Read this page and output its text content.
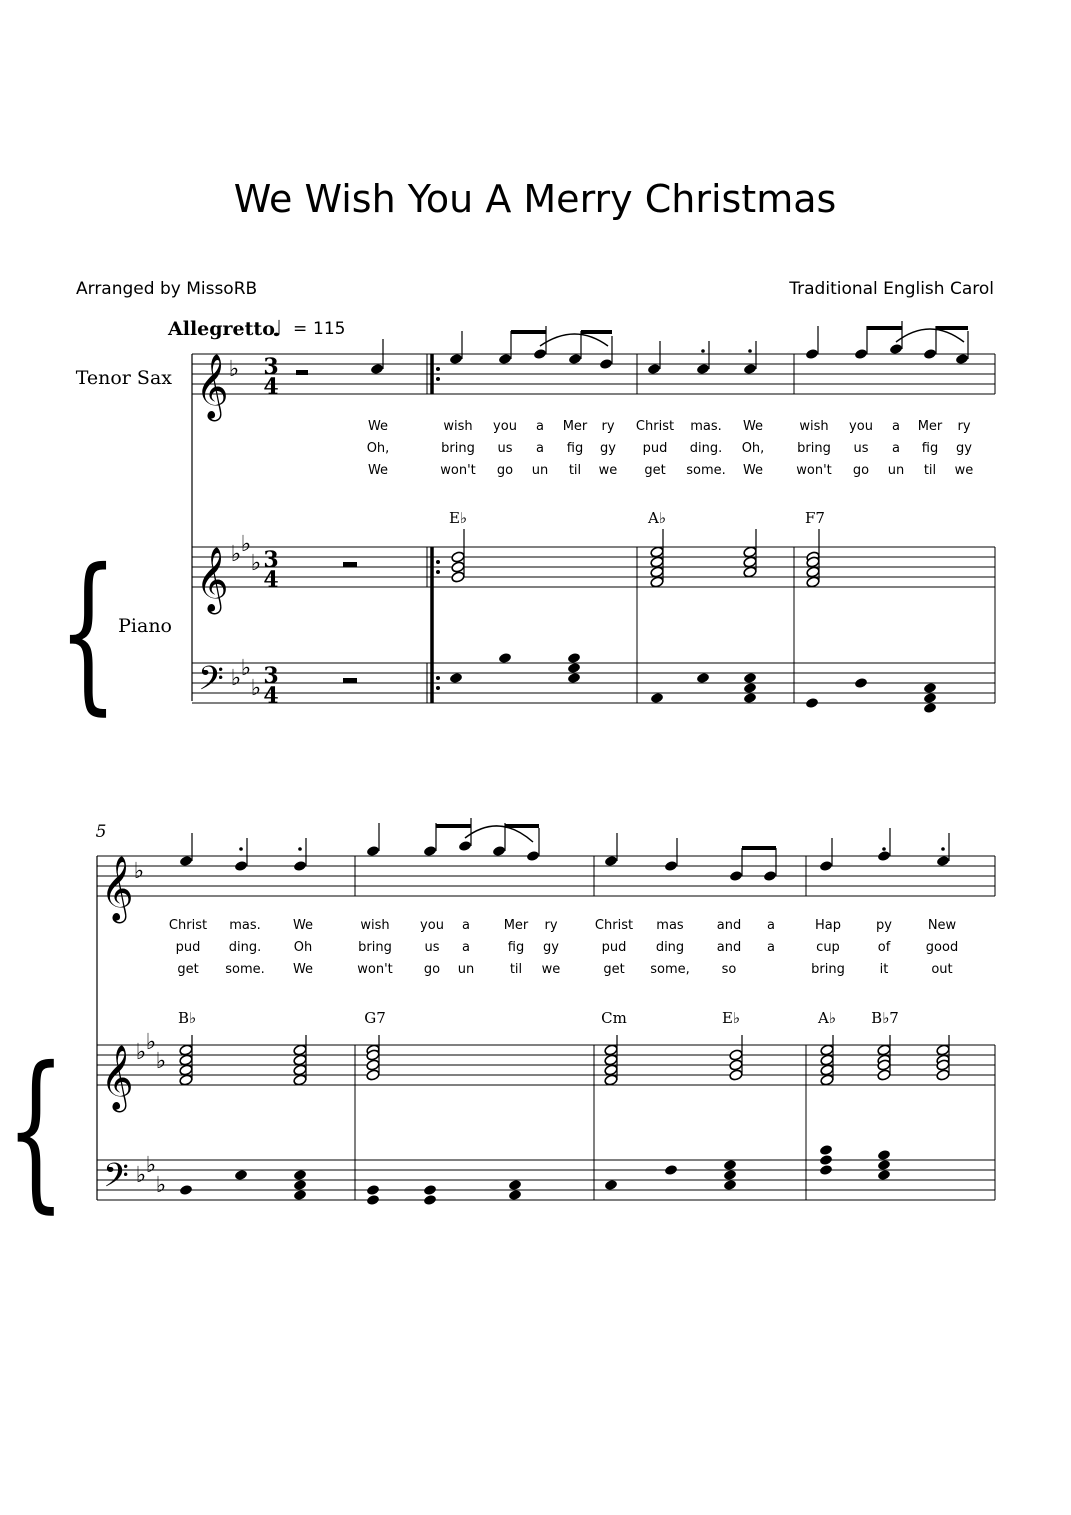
We Wish You A Merry Christmas
Arranged by MissoRB	Traditional English Carol
Allegretto
♩ = 115
Tenor Sax
Piano
𝄞 ♭ 3
4
We	wish you a Mer ry Christ mas. We	wish you a Mer ry
Oh,	bring us a fig gy pud ding. Oh,	bring us a fig gy
We	won't go un til we get some. We	won't go un til we
E♭	A♭	F7
{ 𝄞
𝄢
♭ ♭
♭
♭ ♭
♭
3
4
3
4
5
𝄞 ♭
Christ mas. We	wish you a	Mer ry	Christ mas	and a	Hap	py	New
pud ding.	Oh	bring	us a	fig gy	pud ding	and a	cup	of	good
get some. We	won't go un	til we	get some, so	bring	it	out
B♭	G7	Cm	E♭	A♭ B♭7
{ 𝄞
𝄢
♭ ♭
♭
♭ ♭
♭
